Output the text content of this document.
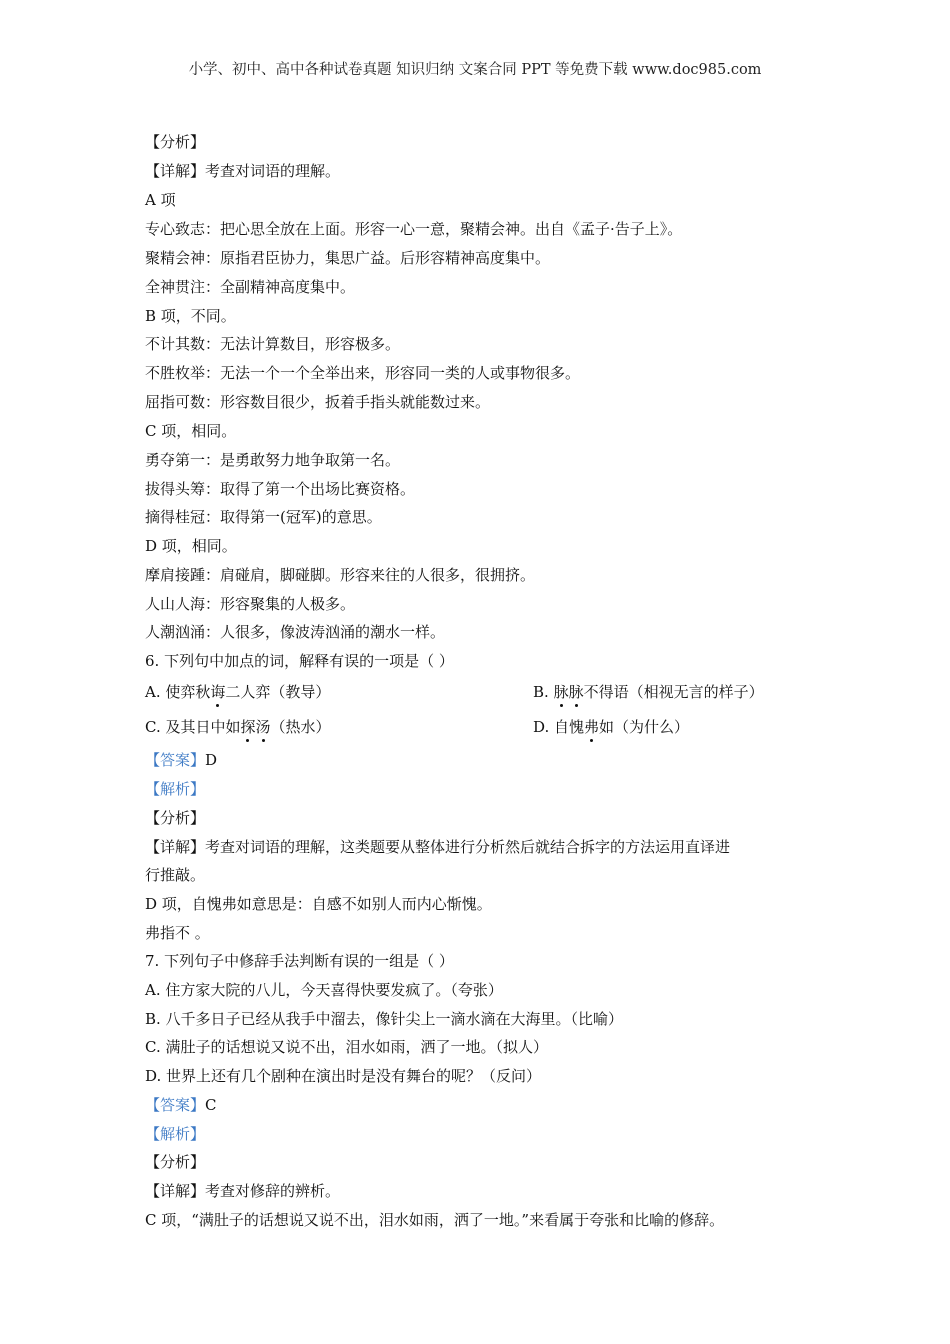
小学、初中、高中各种试卷真题 知识归纳 文案合同 PPT 等免费下载 www.doc985.com
【分析】
【详解】考查对词语的理解。
A 项
专心致志：把心思全放在上面。形容一心一意，聚精会神。出自《孟子·告子上》。
聚精会神：原指君臣协力，集思广益。后形容精神高度集中。
全神贯注：全副精神高度集中。
B 项，不同。
不计其数：无法计算数目，形容极多。
不胜枚举：无法一个一个全举出来，形容同一类的人或事物很多。
屈指可数：形容数目很少，扳着手指头就能数过来。
C 项，相同。
勇夺第一：是勇敢努力地争取第一名。
拔得头筹：取得了第一个出场比赛资格。
摘得桂冠：取得第一(冠军)的意思。
D 项，相同。
摩肩接踵：肩碰肩，脚碰脚。形容来往的人很多，很拥挤。
人山人海：形容聚集的人极多。
人潮汹涌：人很多，像波涛汹涌的潮水一样。
6. 下列句中加点的词，解释有误的一项是（ ）
A. 使弈秋诲二人弈（教导）	B. 脉脉不得语（相视无言的样子）
C. 及其日中如探汤（热水）	D. 自愧弗如（为什么）
【答案】D
【解析】
【分析】
【详解】考查对词语的理解，这类题要从整体进行分析然后就结合拆字的方法运用直译进
行推敲。
D 项，自愧弗如意思是：自感不如别人而内心惭愧。
弗指不 。
7. 下列句子中修辞手法判断有误的一组是（ ）
A. 住方家大院的八儿，今天喜得快要发疯了。（夸张）
B. 八千多日子已经从我手中溜去，像针尖上一滴水滴在大海里。（比喻）
C. 满肚子的话想说又说不出，泪水如雨，洒了一地。（拟人）
D. 世界上还有几个剧种在演出时是没有舞台的呢？（反问）
【答案】C
【解析】
【分析】
【详解】考查对修辞的辨析。
C 项，“满肚子的话想说又说不出，泪水如雨，洒了一地。”来看属于夸张和比喻的修辞。
